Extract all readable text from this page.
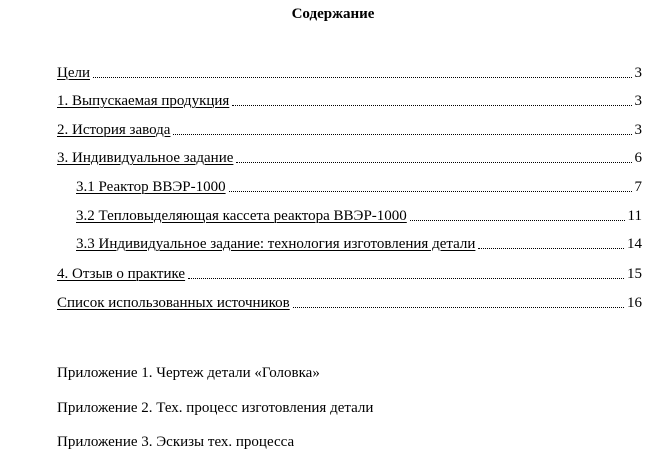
Содержание
Цели	3
1. Выпускаемая продукция	3
2. История завода	3
3. Индивидуальное задание	6
3.1 Реактор ВВЭР-1000	7
3.2 Тепловыделяющая кассета реактора ВВЭР-1000	11
3.3 Индивидуальное задание: технология изготовления детали	14
4. Отзыв о практике	15
Список использованных источников	16
Приложение 1. Чертеж детали «Головка»
Приложение 2. Тех. процесс изготовления детали
Приложение 3. Эскизы тех. процесса
